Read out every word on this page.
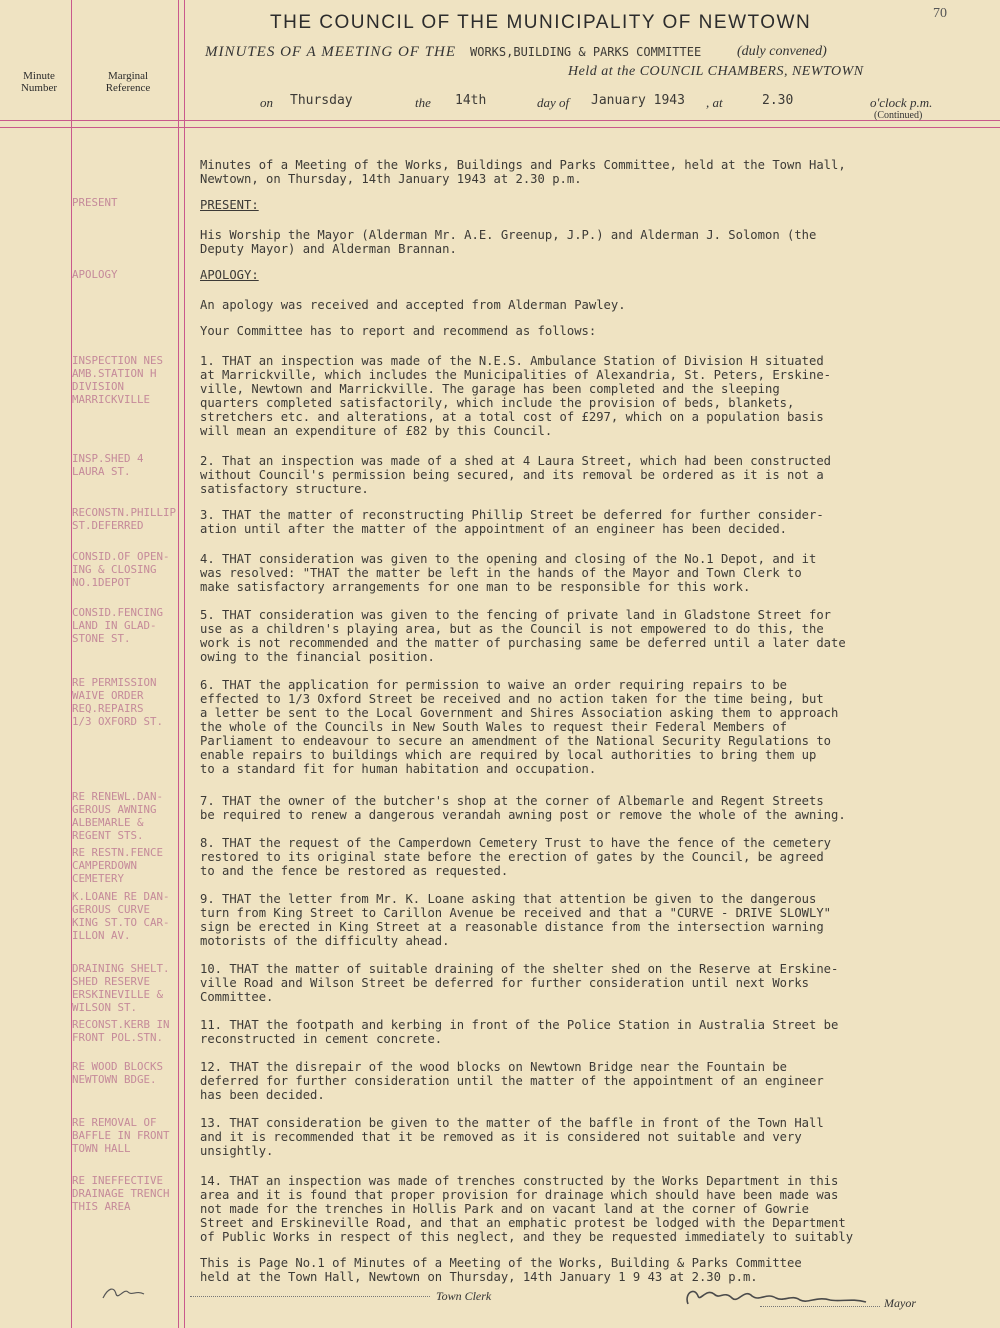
70
THE COUNCIL OF THE MUNICIPALITY OF NEWTOWN
Minute
Number
Marginal
Reference
MINUTES OF A MEETING OF THE WORKS,BUILDING & PARKS COMMITTEE	(duly convened)
Held at the COUNCIL CHAMBERS, NEWTOWN
on Thursday	the 14th	day of January 1943 , at	2.30	o'clock p.m.
(Continued)
Minutes of a Meeting of the Works, Buildings and Parks Committee, held at the Town Hall,
Newtown, on Thursday, 14th January 1943 at 2.30 p.m.
PRESENT	PRESENT:
His Worship the Mayor (Alderman Mr. A.E. Greenup, J.P.) and Alderman J. Solomon (the
Deputy Mayor) and Alderman Brannan.
APOLOGY	APOLOGY:
An apology was received and accepted from Alderman Pawley.
Your Committee has to report and recommend as follows:
INSPECTION NES
AMB.STATION H
DIVISION
MARRICKVILLE
1. THAT an inspection was made of the N.E.S. Ambulance Station of Division H situated
at Marrickville, which includes the Municipalities of Alexandria, St. Peters, Erskine-
ville, Newtown and Marrickville. The garage has been completed and the sleeping
quarters completed satisfactorily, which include the provision of beds, blankets,
stretchers etc. and alterations, at a total cost of £297, which on a population basis
will mean an expenditure of £82 by this Council.
INSP.SHED 4
LAURA ST.
2. That an inspection was made of a shed at 4 Laura Street, which had been constructed
without Council's permission being secured, and its removal be ordered as it is not a
satisfactory structure.
RECONSTN.PHILLIP
ST.DEFERRED
3. THAT the matter of reconstructing Phillip Street be deferred for further consider-
ation until after the matter of the appointment of an engineer has been decided.
CONSID.OF OPEN-
ING & CLOSING
NO.1DEPOT
4. THAT consideration was given to the opening and closing of the No.1 Depot, and it
was resolved: "THAT the matter be left in the hands of the Mayor and Town Clerk to
make satisfactory arrangements for one man to be responsible for this work.
CONSID.FENCING
LAND IN GLAD-
STONE ST.
5. THAT consideration was given to the fencing of private land in Gladstone Street for
use as a children's playing area, but as the Council is not empowered to do this, the
work is not recommended and the matter of purchasing same be deferred until a later date
owing to the financial position.
RE PERMISSION
WAIVE ORDER
REQ.REPAIRS
1/3 OXFORD ST.
6. THAT the application for permission to waive an order requiring repairs to be
effected to 1/3 Oxford Street be received and no action taken for the time being, but
a letter be sent to the Local Government and Shires Association asking them to approach
the whole of the Councils in New South Wales to request their Federal Members of
Parliament to endeavour to secure an amendment of the National Security Regulations to
enable repairs to buildings which are required by local authorities to bring them up
to a standard fit for human habitation and occupation.
RE RENEWL.DAN-
GEROUS AWNING
ALBEMARLE &
REGENT STS.
7. THAT the owner of the butcher's shop at the corner of Albemarle and Regent Streets
be required to renew a dangerous verandah awning post or remove the whole of the awning.
RE RESTN.FENCE
CAMPERDOWN
CEMETERY
8. THAT the request of the Camperdown Cemetery Trust to have the fence of the cemetery
restored to its original state before the erection of gates by the Council, be agreed
to and the fence be restored as requested.
K.LOANE RE DAN-
GEROUS CURVE
KING ST.TO CAR-
ILLON AV.
9. THAT the letter from Mr. K. Loane asking that attention be given to the dangerous
turn from King Street to Carillon Avenue be received and that a "CURVE - DRIVE SLOWLY"
sign be erected in King Street at a reasonable distance from the intersection warning
motorists of the difficulty ahead.
DRAINING SHELT.
SHED RESERVE
ERSKINEVILLE &
WILSON ST.
10. THAT the matter of suitable draining of the shelter shed on the Reserve at Erskine-
ville Road and Wilson Street be deferred for further consideration until next Works
Committee.
RECONST.KERB IN
FRONT POL.STN.
11. THAT the footpath and kerbing in front of the Police Station in Australia Street be
reconstructed in cement concrete.
RE WOOD BLOCKS
NEWTOWN BDGE.
12. THAT the disrepair of the wood blocks on Newtown Bridge near the Fountain be
deferred for further consideration until the matter of the appointment of an engineer
has been decided.
RE REMOVAL OF
BAFFLE IN FRONT
TOWN HALL
13. THAT consideration be given to the matter of the baffle in front of the Town Hall
and it is recommended that it be removed as it is considered not suitable and very
unsightly.
RE INEFFECTIVE
DRAINAGE TRENCH
THIS AREA
14. THAT an inspection was made of trenches constructed by the Works Department in this
area and it is found that proper provision for drainage which should have been made was
not made for the trenches in Hollis Park and on vacant land at the corner of Gowrie
Street and Erskineville Road, and that an emphatic protest be lodged with the Department
of Public Works in respect of this neglect, and they be requested immediately to suitably
This is Page No.1 of Minutes of a Meeting of the Works, Building & Parks Committee
held at the Town Hall, Newtown on Thursday, 14th January 1 9 43 at 2.30 p.m.
Town Clerk	Mayor
